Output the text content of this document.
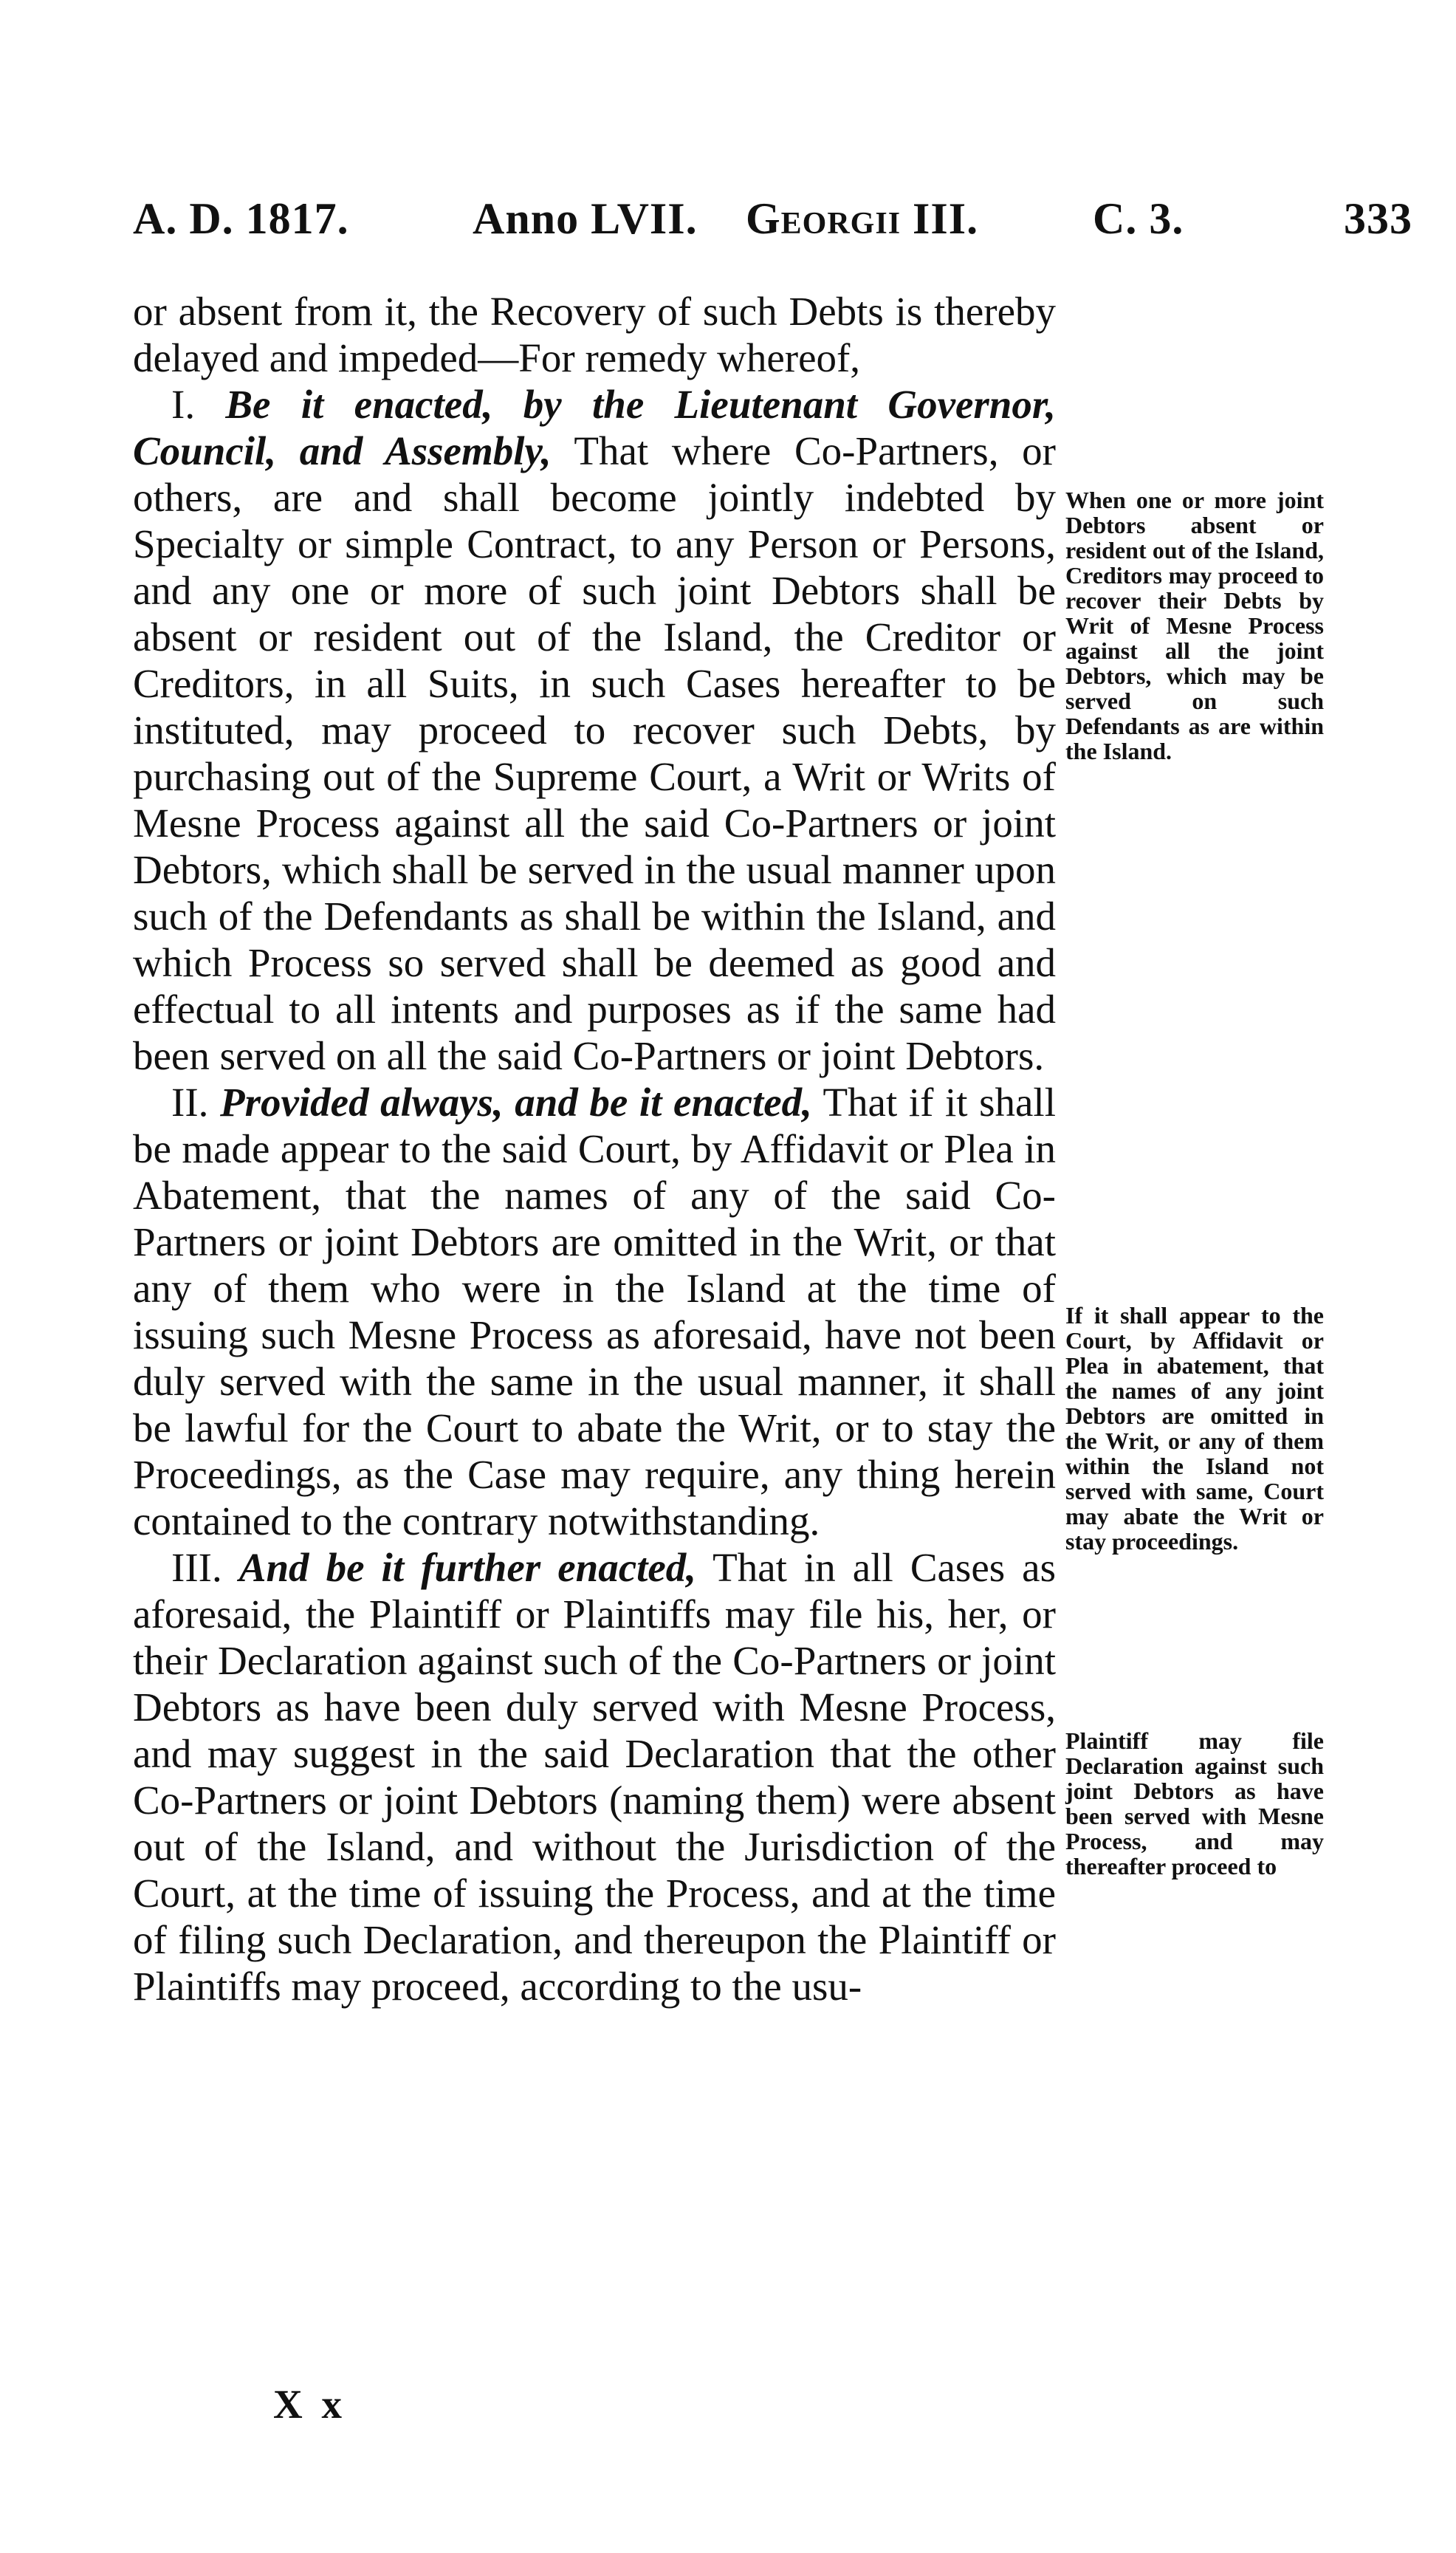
A. D. 1817.	Anno LVII. Georgii III.	C. 3.	333

or absent from it, the Recovery of such Debts is thereby delayed and impeded—For remedy whereof,

I. Be it enacted, by the Lieutenant Governor, Council, and Assembly, That where Co-Partners, or others, are and shall become jointly indebted by Specialty or simple Contract, to any Person or Persons, and any one or more of such joint Debtors shall be absent or resident out of the Island, the Creditor or Creditors, in all Suits, in such Cases hereafter to be instituted, may proceed to recover such Debts, by purchasing out of the Supreme Court, a Writ or Writs of Mesne Process against all the said Co-Partners or joint Debtors, which shall be served in the usual manner upon such of the Defendants as shall be within the Island, and which Process so served shall be deemed as good and effectual to all intents and purposes as if the same had been served on all the said Co-Partners or joint Debtors.

II. Provided always, and be it enacted, That if it shall be made appear to the said Court, by Affidavit or Plea in Abatement, that the names of any of the said Co-Partners or joint Debtors are omitted in the Writ, or that any of them who were in the Island at the time of issuing such Mesne Process as aforesaid, have not been duly served with the same in the usual manner, it shall be lawful for the Court to abate the Writ, or to stay the Proceedings, as the Case may require, any thing herein contained to the contrary notwithstanding.

III. And be it further enacted, That in all Cases as aforesaid, the Plaintiff or Plaintiffs may file his, her, or their Declaration against such of the Co-Partners or joint Debtors as have been duly served with Mesne Process, and may suggest in the said Declaration that the other Co-Partners or joint Debtors (naming them) were absent out of the Island, and without the Jurisdiction of the Court, at the time of issuing the Process, and at the time of filing such Declaration, and thereupon the Plaintiff or Plaintiffs may proceed, according to the usu-

When one or more joint Debtors absent or resident out of the Island, Creditors may proceed to recover their Debts by Writ of Mesne Process against all the joint Debtors, which may be served on such Defendants as are within the Island.
If it shall appear to the Court, by Affidavit or Plea in abatement, that the names of any joint Debtors are omitted in the Writ, or any of them within the Island not served with same, Court may abate the Writ or stay proceedings.
Plaintiff may file Declaration against such joint Debtors as have been served with Mesne Process, and may thereafter proceed to
X x
